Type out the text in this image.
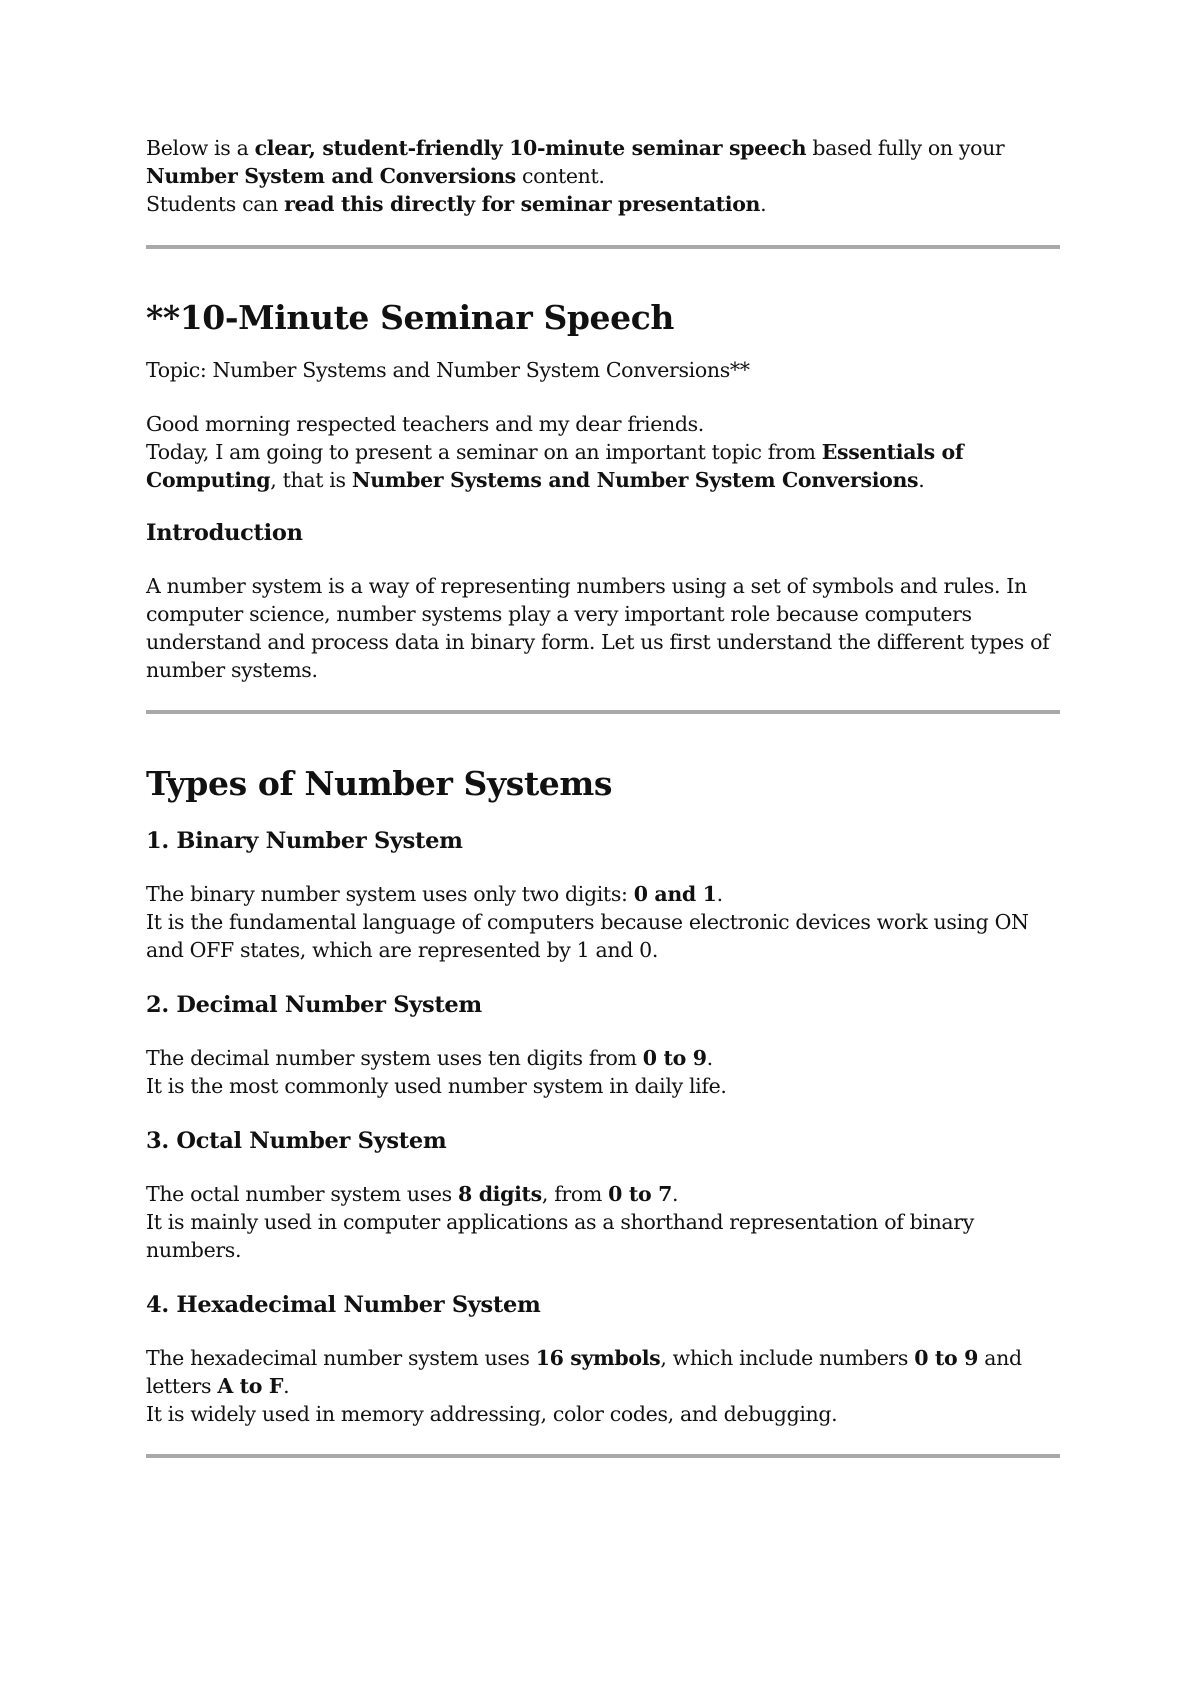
Below is a clear, student-friendly 10-minute seminar speech based fully on your Number System and Conversions content.
Students can read this directly for seminar presentation.

**10-Minute Seminar Speech

Topic: Number Systems and Number System Conversions**

Good morning respected teachers and my dear friends.
Today, I am going to present a seminar on an important topic from Essentials of Computing, that is Number Systems and Number System Conversions.

Introduction

A number system is a way of representing numbers using a set of symbols and rules. In computer science, number systems play a very important role because computers understand and process data in binary form. Let us first understand the different types of number systems.

Types of Number Systems
1. Binary Number System

The binary number system uses only two digits: 0 and 1.
It is the fundamental language of computers because electronic devices work using ON and OFF states, which are represented by 1 and 0.

2. Decimal Number System

The decimal number system uses ten digits from 0 to 9.
It is the most commonly used number system in daily life.

3. Octal Number System

The octal number system uses 8 digits, from 0 to 7.
It is mainly used in computer applications as a shorthand representation of binary numbers.

4. Hexadecimal Number System

The hexadecimal number system uses 16 symbols, which include numbers 0 to 9 and letters A to F.
It is widely used in memory addressing, color codes, and debugging.
